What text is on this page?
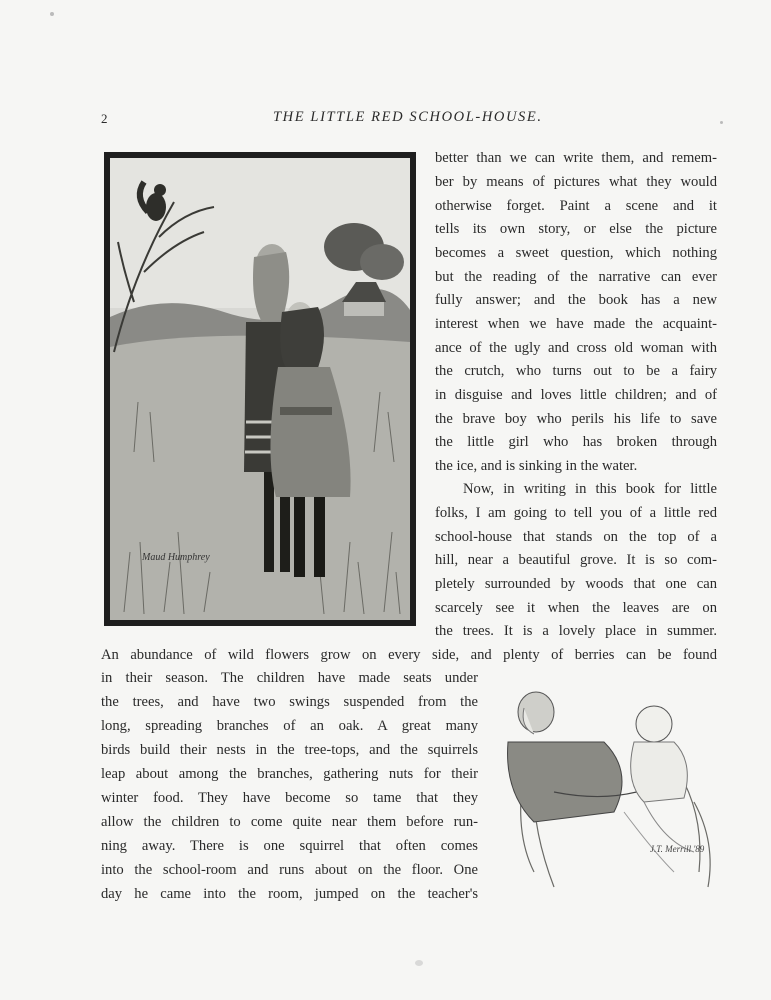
2	THE LITTLE RED SCHOOL-HOUSE.
Maud Humphrey
J.T. Merrill '89
better than we can write them, and remem-
ber by means of pictures what they would
otherwise forget. Paint a scene and it
tells its own story, or else the picture
becomes a sweet question, which nothing
but the reading of the narrative can ever
fully answer; and the book has a new
interest when we have made the acquaint-
ance of the ugly and cross old woman with
the crutch, who turns out to be a fairy
in disguise and loves little children; and of
the brave boy who perils his life to save
the little girl who has broken through
the ice, and is sinking in the water.
Now, in writing in this book for little
folks, I am going to tell you of a little red
school-house that stands on the top of a
hill, near a beautiful grove. It is so com-
pletely surrounded by woods that one can
scarcely see it when the leaves are on
the trees. It is a lovely place in summer.
An abundance of wild flowers grow on every side, and plenty of berries can be found
in their season. The children have made seats under
the trees, and have two swings suspended from the
long, spreading branches of an oak. A great many
birds build their nests in the tree-tops, and the squirrels
leap about among the branches, gathering nuts for their
winter food. They have become so tame that they
allow the children to come quite near them before run-
ning away. There is one squirrel that often comes
into the school-room and runs about on the floor. One
day he came into the room, jumped on the teacher's
